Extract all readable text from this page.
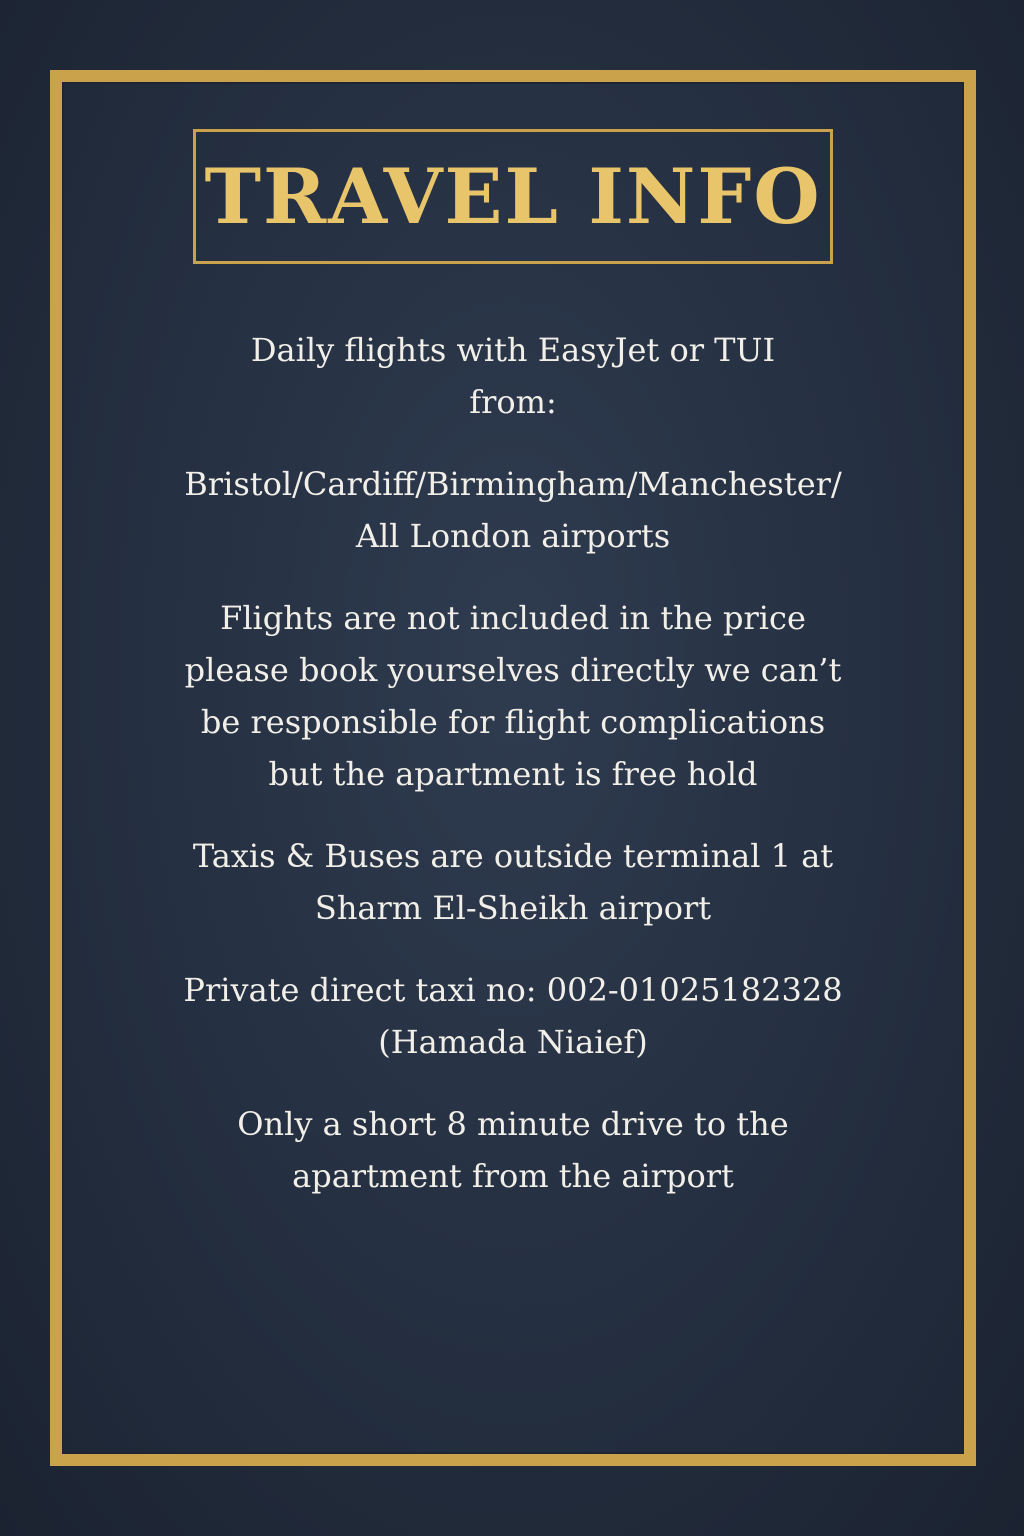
TRAVEL INFO

Daily flights with EasyJet or TUI
from:

Bristol/Cardiff/Birmingham/Manchester/
All London airports

Flights are not included in the price
please book yourselves directly we can’t
be responsible for flight complications
but the apartment is free hold

Taxis & Buses are outside terminal 1 at
Sharm El-Sheikh airport

Private direct taxi no: 002-01025182328
(Hamada Niaief)

Only a short 8 minute drive to the
apartment from the airport
